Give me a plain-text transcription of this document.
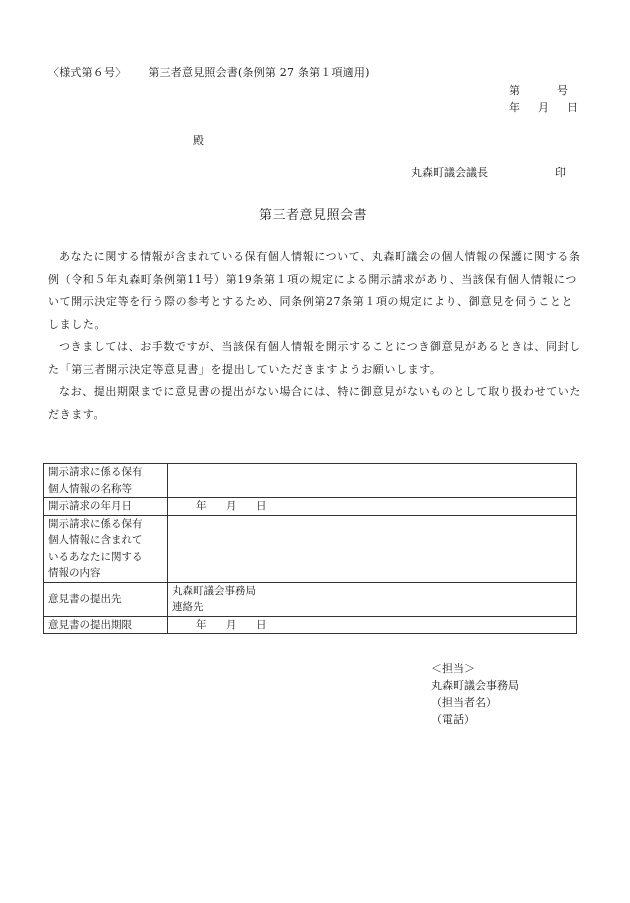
〈様式第６号〉 第三者意見照会書(条例第 27 条第１項適用)
第	号
年 月 日
殿
丸森町議会議長	印
第三者意見照会書

あなたに関する情報が含まれている保有個人情報について、丸森町議会の個人情報の保護に関する条例（令和５年丸森町条例第11号）第19条第１項の規定による開示請求があり、当該保有個人情報について開示決定等を行う際の参考とするため、同条例第27条第１項の規定により、御意見を伺うこととしました。

つきましては、お手数ですが、当該保有個人情報を開示することにつき御意見があるときは、同封した「第三者開示決定等意見書」を提出していただきますようお願いします。

なお、提出期限までに意見書の提出がない場合には、特に御意見がないものとして取り扱わせていただきます。

開示請求に係る保有
個人情報の名称等	

開示請求の年月日	年 月 日

開示請求に係る保有
個人情報に含まれて
いるあなたに関する
情報の内容	

意見書の提出先	丸森町議会事務局
連絡先

意見書の提出期限	年 月 日
＜担当＞
丸森町議会事務局
（担当者名）
（電話）
